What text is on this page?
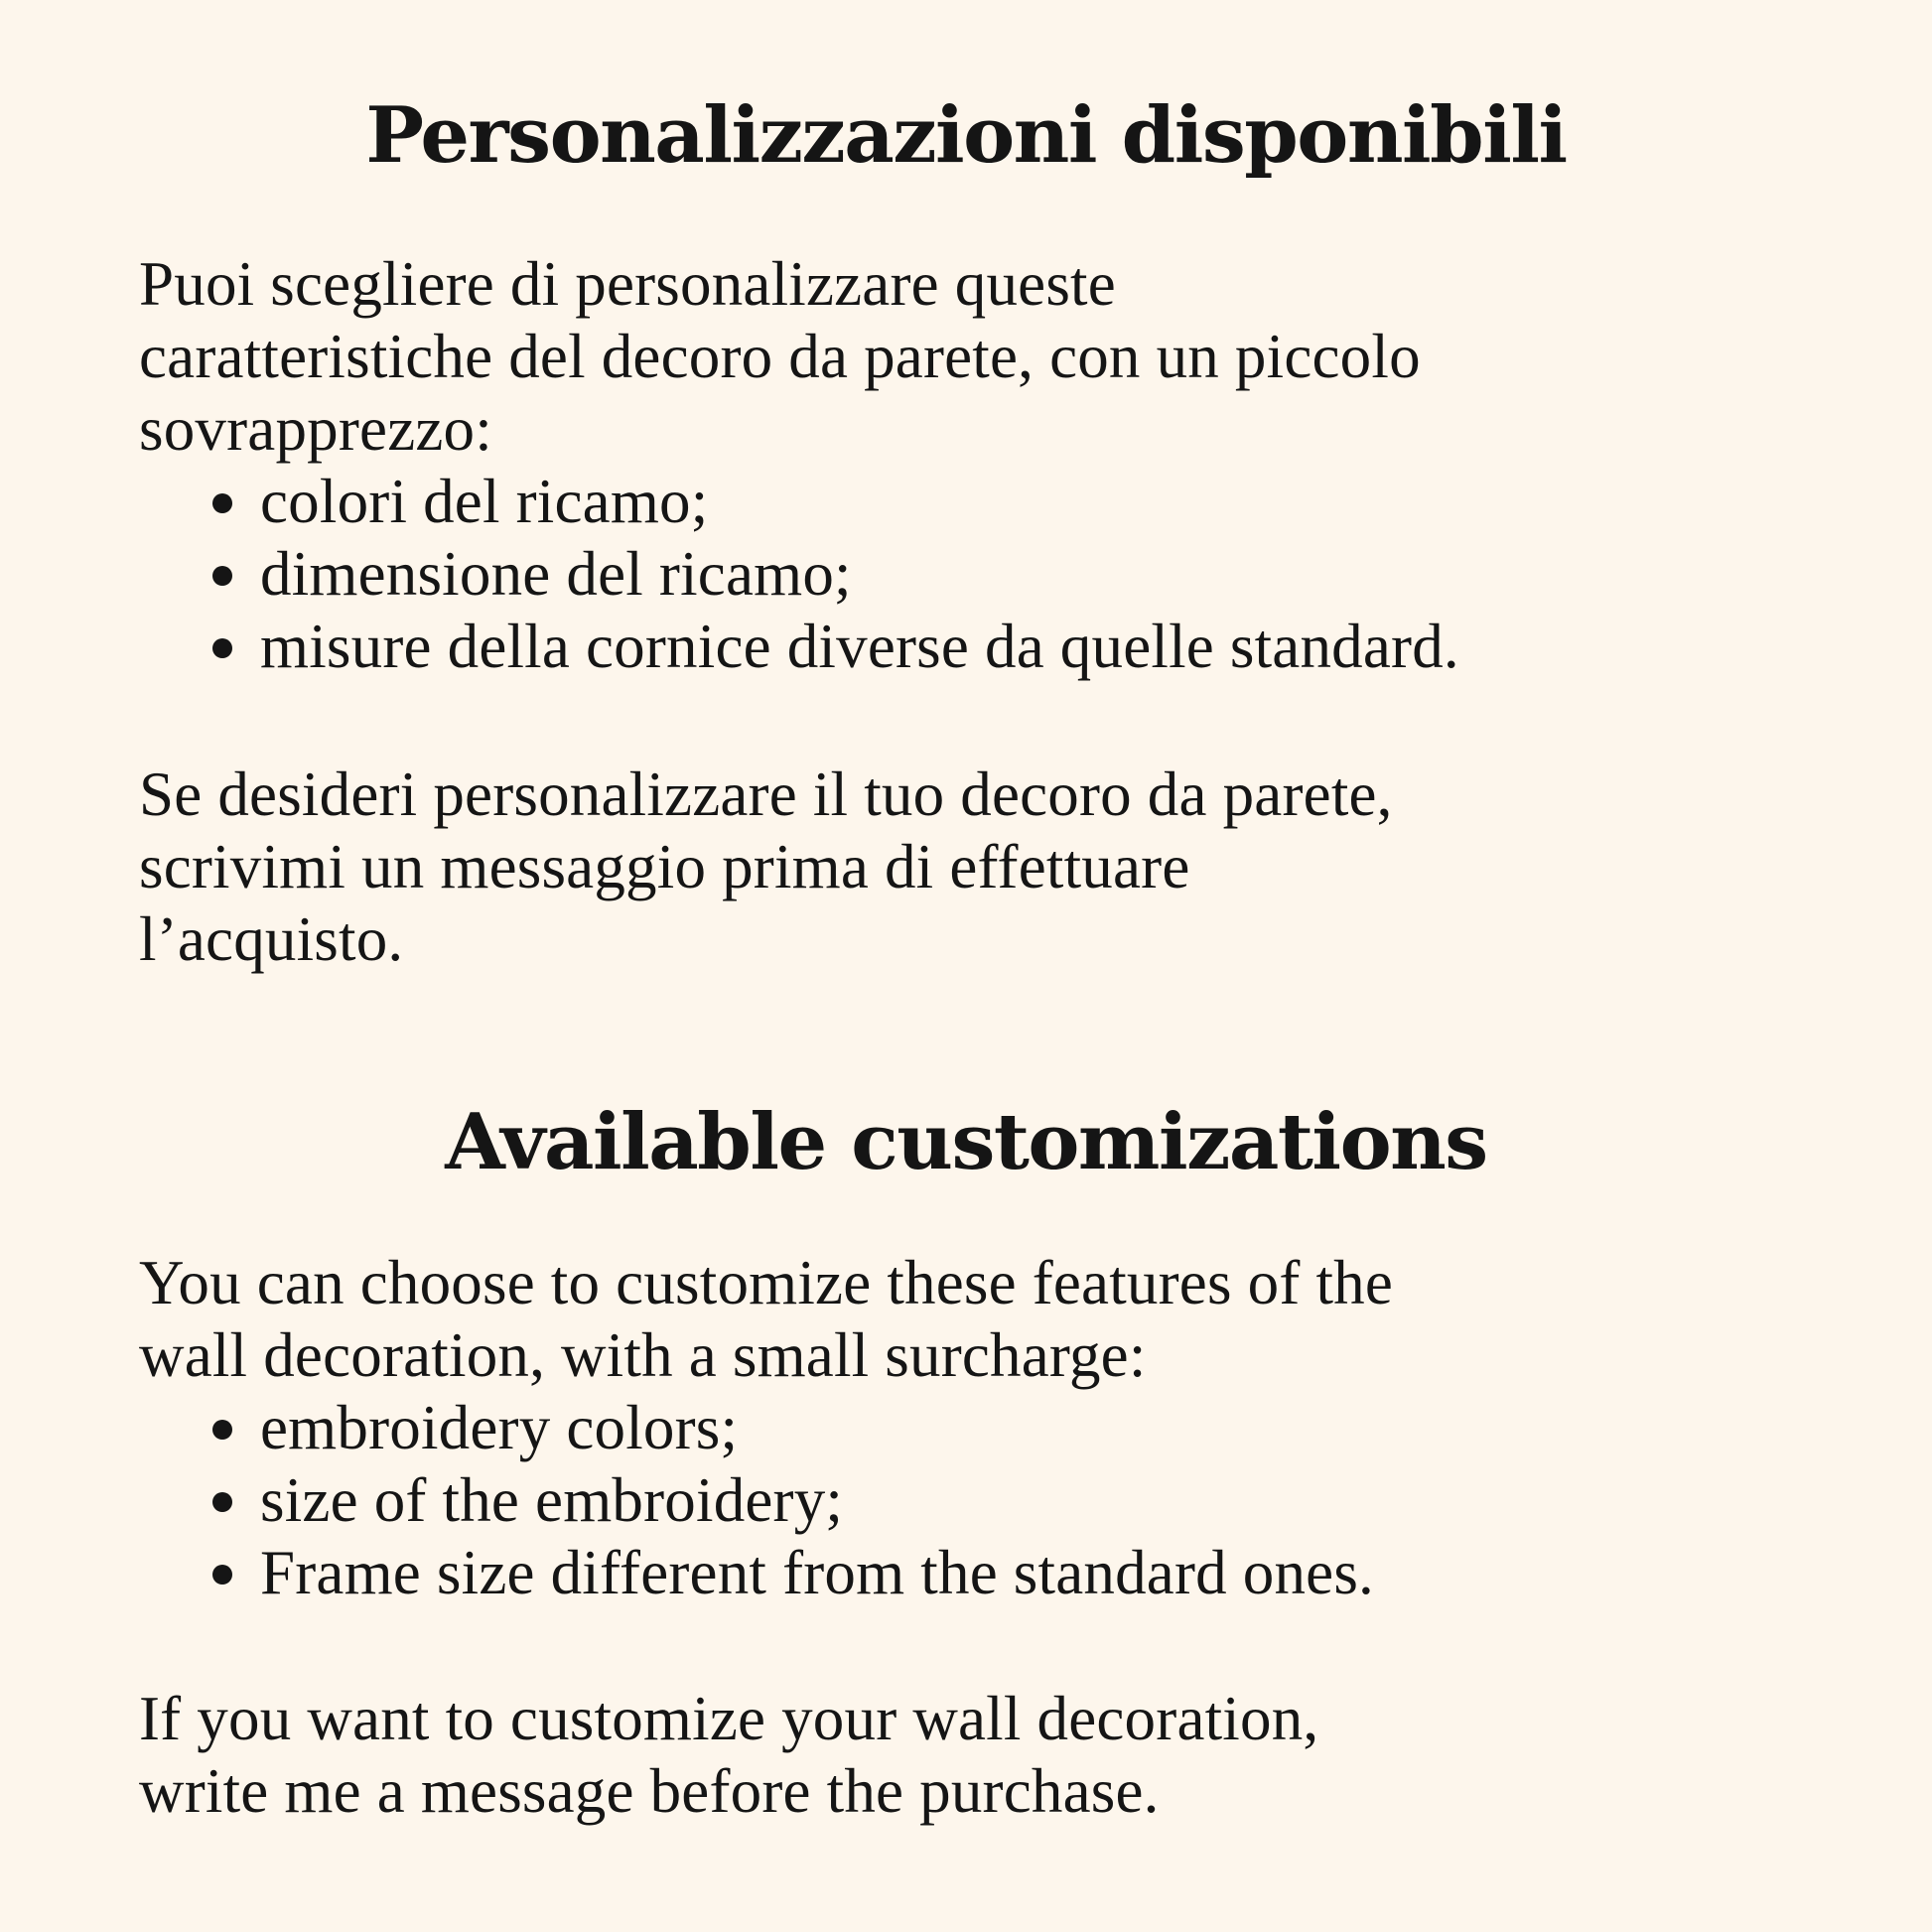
Personalizzazioni disponibili

Puoi scegliere di personalizzare queste

caratteristiche del decoro da parete, con un piccolo

sovrapprezzo:

colori del ricamo;
dimensione del ricamo;
misure della cornice diverse da quelle standard.

Se desideri personalizzare il tuo decoro da parete,

scrivimi un messaggio prima di effettuare

l’acquisto.

Available customizations

You can choose to customize these features of the

wall decoration, with a small surcharge:

embroidery colors;
size of the embroidery;
Frame size different from the standard ones.

If you want to customize your wall decoration,

write me a message before the purchase.
